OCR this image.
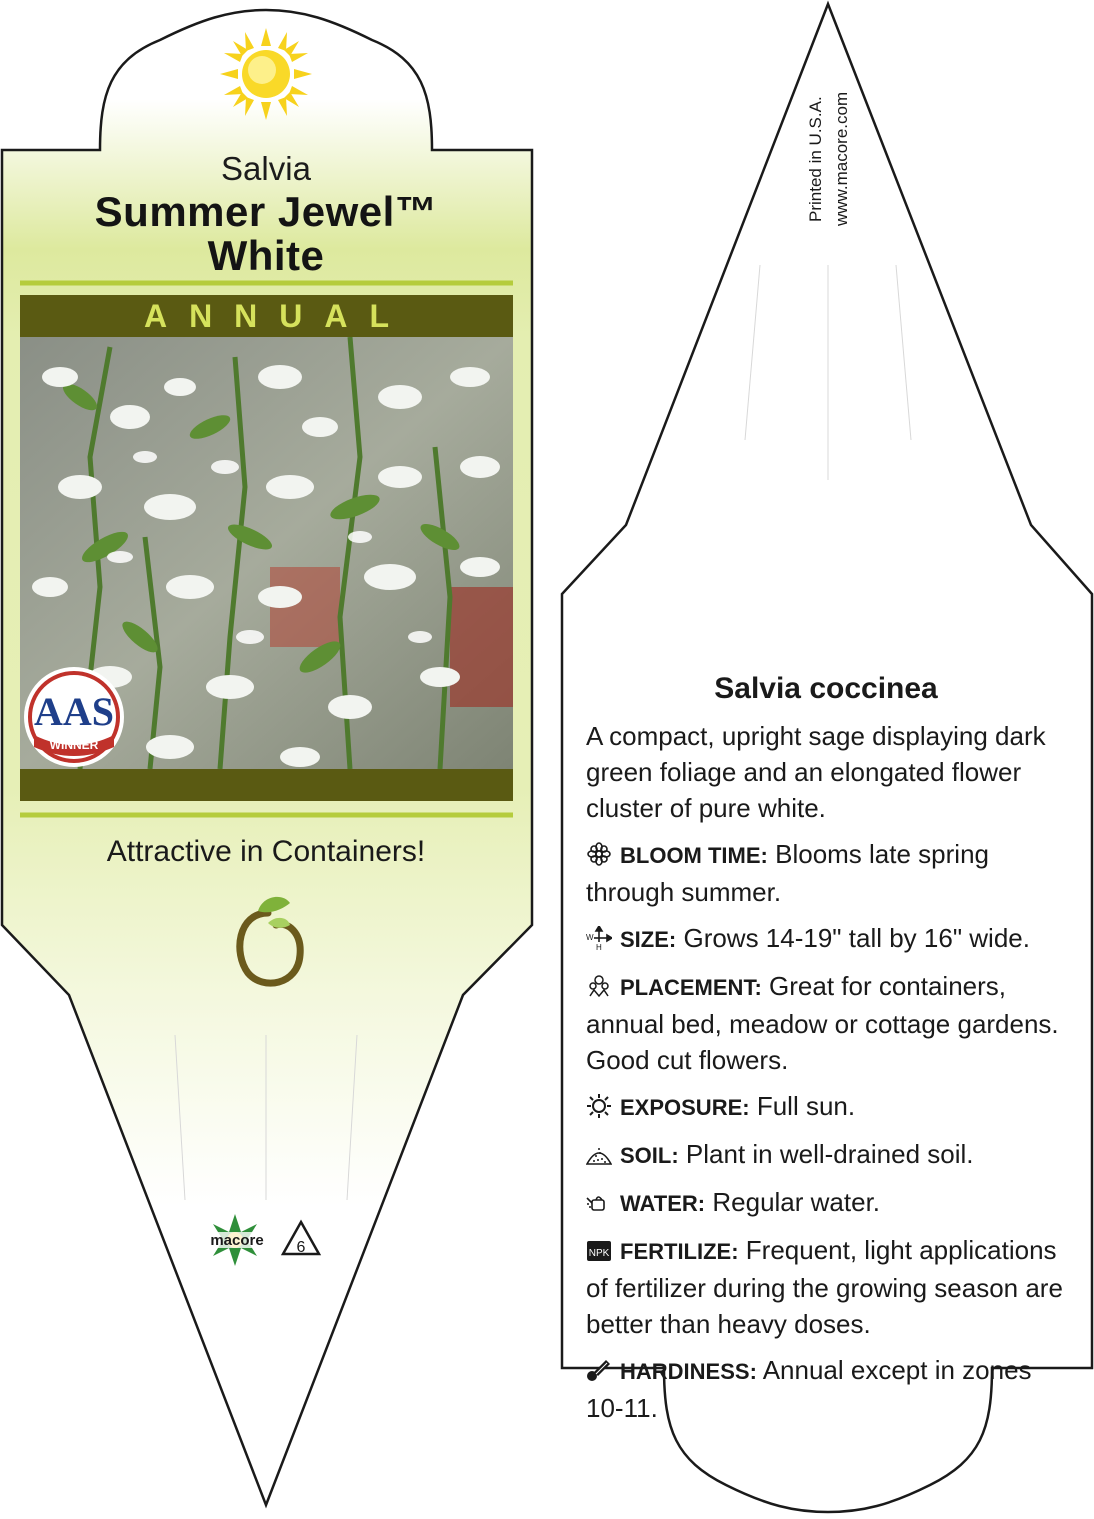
Salvia
Summer Jewel™
White
ANNUAL
AAS
WINNER
Attractive in Containers!
macore 6
Printed in U.S.A. www.macore.com
Salvia coccinea
A compact, upright sage displaying dark green foliage and an elongated flower cluster of pure white.
BLOOM TIME: Blooms late spring through summer.
W
H SIZE: Grows 14-19" tall by 16" wide.
PLACEMENT: Great for containers, annual bed, meadow or cottage gardens. Good cut flowers.
EXPOSURE: Full sun.
SOIL: Plant in well-drained soil.
WATER: Regular water.
NPK FERTILIZE: Frequent, light applications of fertilizer during the growing season are better than heavy doses.
HARDINESS: Annual except in zones 10-11.
